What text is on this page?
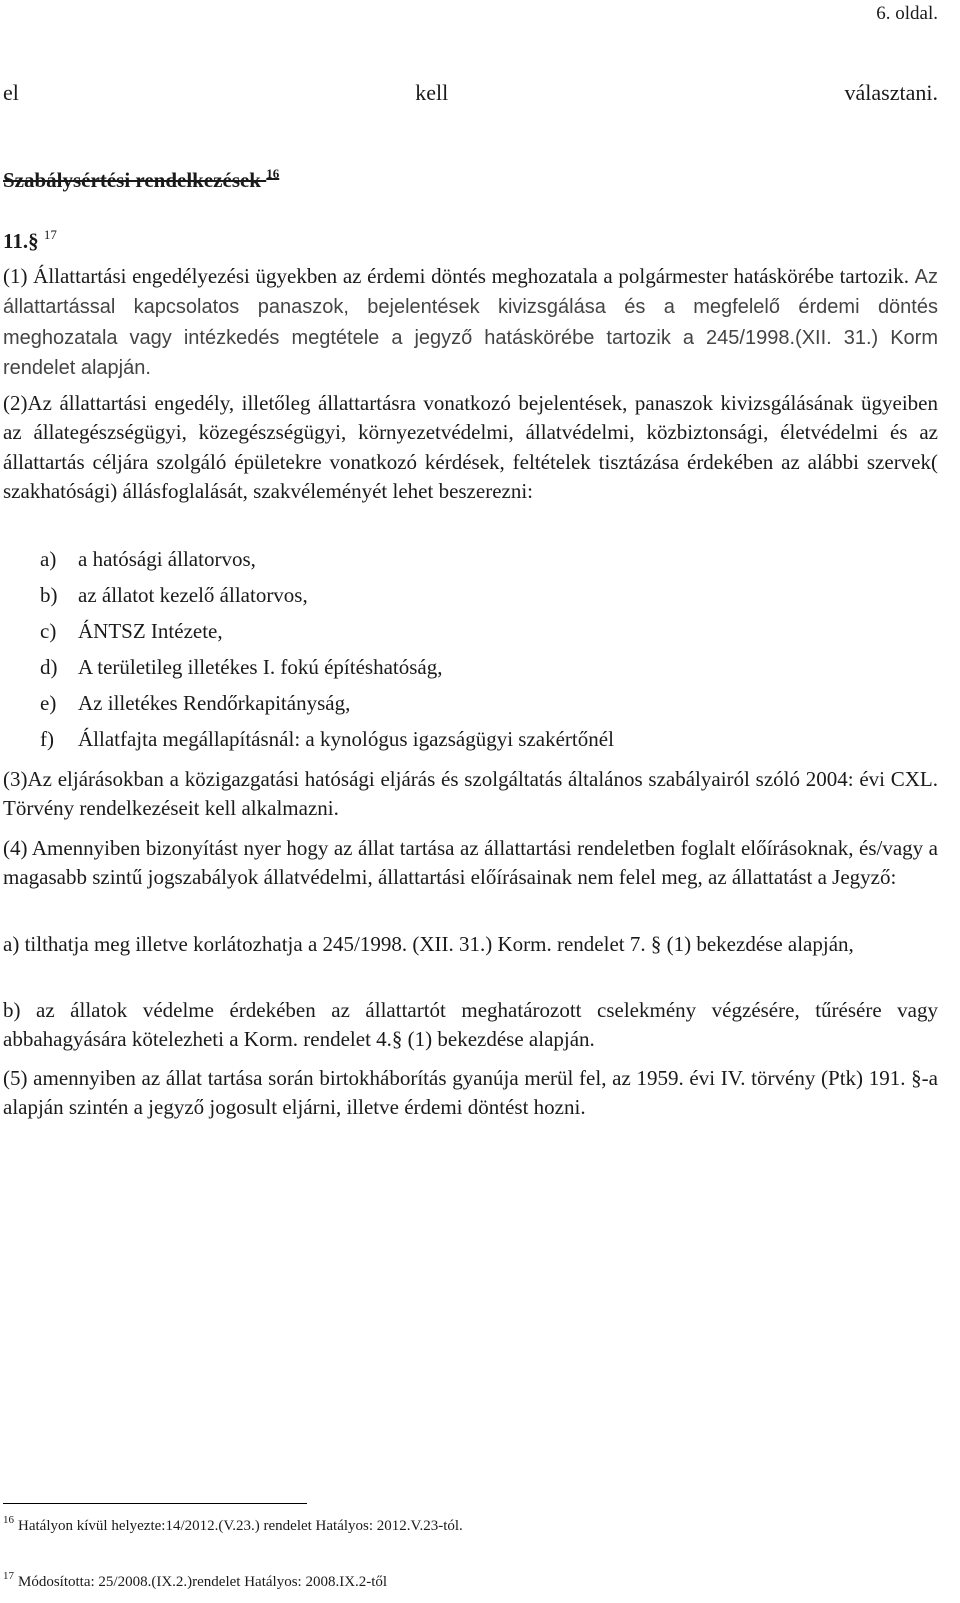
6. oldal.
el	kell	választani.
Szabálysértési rendelkezések $^{16}$
11.§ $^{17}$
(1) Állattartási engedélyezési ügyekben az érdemi döntés meghozatala a polgármester hatáskörébe tartozik. Az állattartással kapcsolatos panaszok, bejelentések kivizsgálása és a megfelelő érdemi döntés meghozatala vagy intézkedés megtétele a jegyző hatáskörébe tartozik a 245/1998.(XII. 31.) Korm rendelet alapján.
(2)Az állattartási engedély, illetőleg állattartásra vonatkozó bejelentések, panaszok kivizsgálásának ügyeiben az állategészségügyi, közegészségügyi, környezetvédelmi, állatvédelmi, közbiztonsági, életvédelmi és az állattartás céljára szolgáló épületekre vonatkozó kérdések, feltételek tisztázása érdekében az alábbi szervek( szakhatósági) állásfoglalását, szakvéleményét lehet beszerezni:
a) a hatósági állatorvos,
b) az állatot kezelő állatorvos,
c) ÁNTSZ Intézete,
d) A területileg illetékes I. fokú építéshatóság,
e) Az illetékes Rendőrkapitányság,
f) Állatfajta megállapításnál: a kynológus igazságügyi szakértőnél
(3)Az eljárásokban a közigazgatási hatósági eljárás és szolgáltatás általános szabályairól szóló 2004: évi CXL. Törvény rendelkezéseit kell alkalmazni.
(4) Amennyiben bizonyítást nyer hogy az állat tartása az állattartási rendeletben foglalt előírásoknak, és/vagy a magasabb szintű jogszabályok állatvédelmi, állattartási előírásainak nem felel meg, az állattatást a Jegyző:
a) tilthatja meg illetve korlátozhatja a 245/1998. (XII. 31.) Korm. rendelet 7. § (1) bekezdése alapján,
b) az állatok védelme érdekében az állattartót meghatározott cselekmény végzésére, tűrésére vagy abbahagyására kötelezheti a Korm. rendelet 4.§ (1) bekezdése alapján.
(5) amennyiben az állat tartása során birtokháborítás gyanúja merül fel, az 1959. évi IV. törvény (Ptk) 191. §-a alapján szintén a jegyző jogosult eljárni, illetve érdemi döntést hozni.
$^{16}$ Hatályon kívül helyezte:14/2012.(V.23.) rendelet Hatályos: 2012.V.23-tól.
$^{17}$ Módosította: 25/2008.(IX.2.)rendelet Hatályos: 2008.IX.2-től
